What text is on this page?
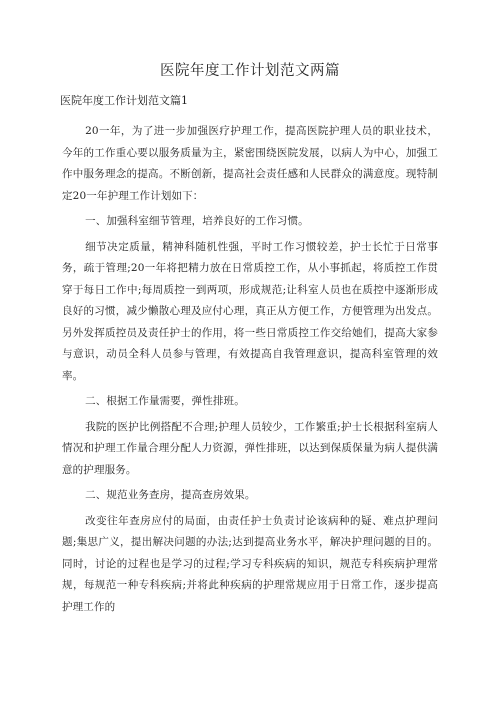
医院年度工作计划范文两篇
医院年度工作计划范文篇1

20一年，为了进一步加强医疗护理工作，提高医院护理人员的职业技术，今年的工作重心要以服务质量为主，紧密围绕医院发展，以病人为中心，加强工作中服务理念的提高。不断创新，提高社会责任感和人民群众的满意度。现特制定20一年护理工作计划如下：

一、加强科室细节管理，培养良好的工作习惯。

细节决定质量，精神科随机性强，平时工作习惯较差，护士长忙于日常事务，疏于管理;20一年将把精力放在日常质控工作，从小事抓起，将质控工作贯穿于每日工作中;每周质控一到两项，形成规范;让科室人员也在质控中逐渐形成良好的习惯，减少懒散心理及应付心理，真正从方便工作，方便管理为出发点。另外发挥质控员及责任护士的作用，将一些日常质控工作交给她们，提高大家参与意识，动员全科人员参与管理，有效提高自我管理意识，提高科室管理的效率。

二、根据工作量需要，弹性排班。

我院的医护比例搭配不合理;护理人员较少，工作繁重;护士长根据科室病人情况和护理工作量合理分配人力资源，弹性排班，以达到保质保量为病人提供满意的护理服务。

二、规范业务查房，提高查房效果。

改变往年查房应付的局面，由责任护士负责讨论该病种的疑、难点护理问题;集思广义，提出解决问题的办法;达到提高业务水平，解决护理问题的目的。同时，讨论的过程也是学习的过程;学习专科疾病的知识，规范专科疾病护理常规，每规范一种专科疾病;并将此种疾病的护理常规应用于日常工作，逐步提高护理工作的
